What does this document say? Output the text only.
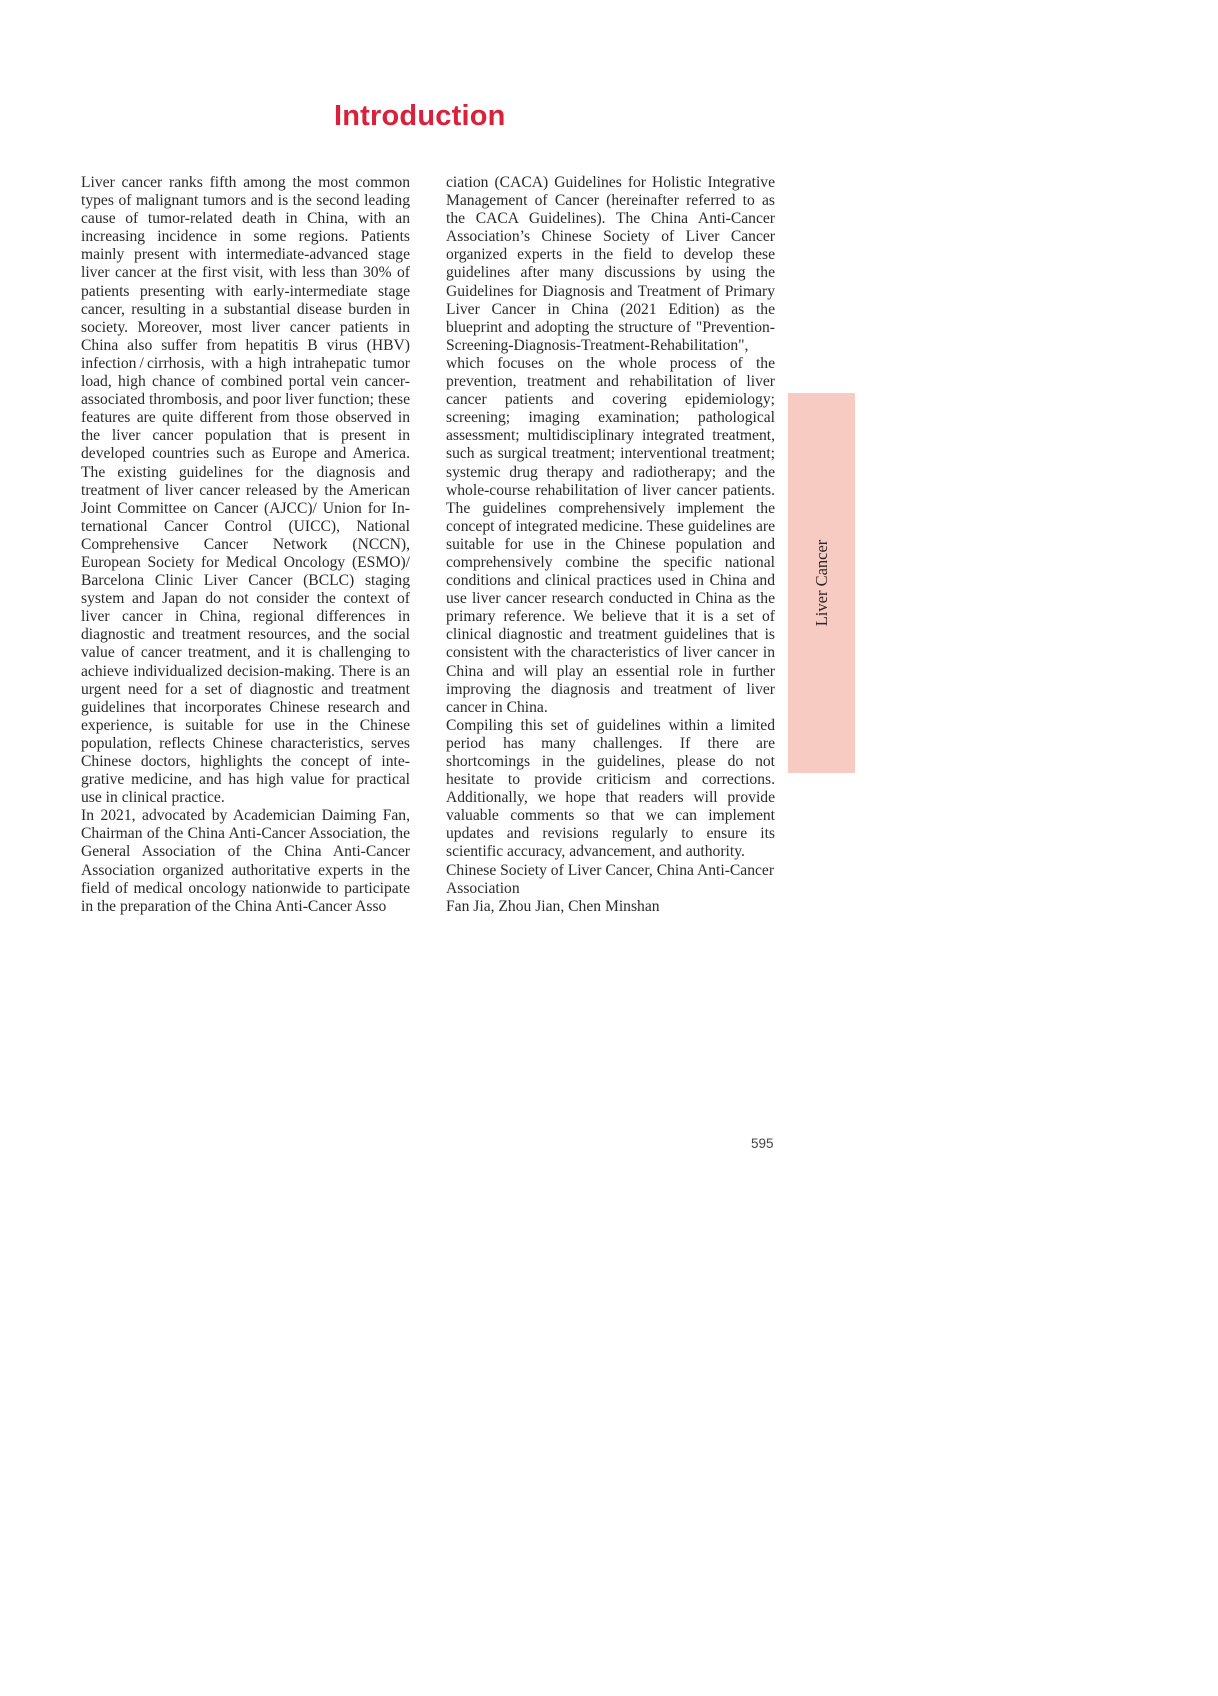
Introduction

Liver cancer ranks fifth among the most common types of malignant tumors and is the second leading cause of tumor-related death in China, with an increasing incidence in some regions. Patients mainly present with intermediate-advanced stage liver cancer at the first visit, with less than 30% of patients presenting with early-intermediate stage cancer, resulting in a substantial disease burden in society. Moreover, most liver cancer patients in China also suffer from hepatitis B virus (HBV) infection / cirrhosis, with a high intrahepatic tumor load, high chance of combined portal vein cancer-associated thrombosis, and poor liver function; these features are quite different from those observed in the liver cancer population that is present in developed countries such as Europe and America. The existing guidelines for the diagnosis and treatment of liver cancer released by the American Joint Committee on Cancer (AJCC)/ Union for International Cancer Control (UICC), National Comprehensive Cancer Network (NCCN), European Society for Medical Oncology (ESMO)/ Barcelona Clinic Liver Cancer (BCLC) staging system and Japan do not consider the context of liver cancer in China, regional differences in diagnostic and treatment resources, and the social value of cancer treatment, and it is challenging to achieve individualized decision-making. There is an urgent need for a set of diagnostic and treatment guidelines that incorporates Chinese research and experience, is suitable for use in the Chinese population, reflects Chinese characteristics, serves Chinese doctors, highlights the concept of integrative medicine, and has high value for practical use in clinical practice.

In 2021, advocated by Academician Daiming Fan, Chairman of the China Anti-Cancer Association, the General Association of the China Anti-Cancer Association organized authoritative experts in the field of medical oncology nationwide to participate in the preparation of the China Anti-Cancer Asso

ciation (CACA) Guidelines for Holistic Integrative Management of Cancer (hereinafter referred to as the CACA Guidelines). The China Anti-Cancer Association’s Chinese Society of Liver Cancer organized experts in the field to develop these guidelines after many discussions by using the Guidelines for Diagnosis and Treatment of Primary Liver Cancer in China (2021 Edition) as the blueprint and adopting the structure of "Prevention-Screening-Diagnosis-Treatment-Rehabilitation", which focuses on the whole process of the prevention, treatment and rehabilitation of liver cancer patients and covering epidemiology; screening; imaging examination; pathological assessment; multidisciplinary integrated treatment, such as surgical treatment; interventional treatment; systemic drug therapy and radiotherapy; and the whole-course rehabilitation of liver cancer patients. The guidelines comprehensively implement the concept of integrated medicine. These guidelines are suitable for use in the Chinese population and comprehensively combine the specific national conditions and clinical practices used in China and use liver cancer research conducted in China as the primary reference. We believe that it is a set of clinical diagnostic and treatment guidelines that is consistent with the characteristics of liver cancer in China and will play an essential role in further improving the diagnosis and treatment of liver cancer in China.

Compiling this set of guidelines within a limited period has many challenges. If there are shortcomings in the guidelines, please do not hesitate to provide criticism and corrections. Additionally, we hope that readers will provide valuable comments so that we can implement updates and revisions regularly to ensure its scientific accuracy, advancement, and authority.

Chinese Society of Liver Cancer, China Anti-Cancer Association

Fan Jia, Zhou Jian, Chen Minshan

Liver Cancer
595
